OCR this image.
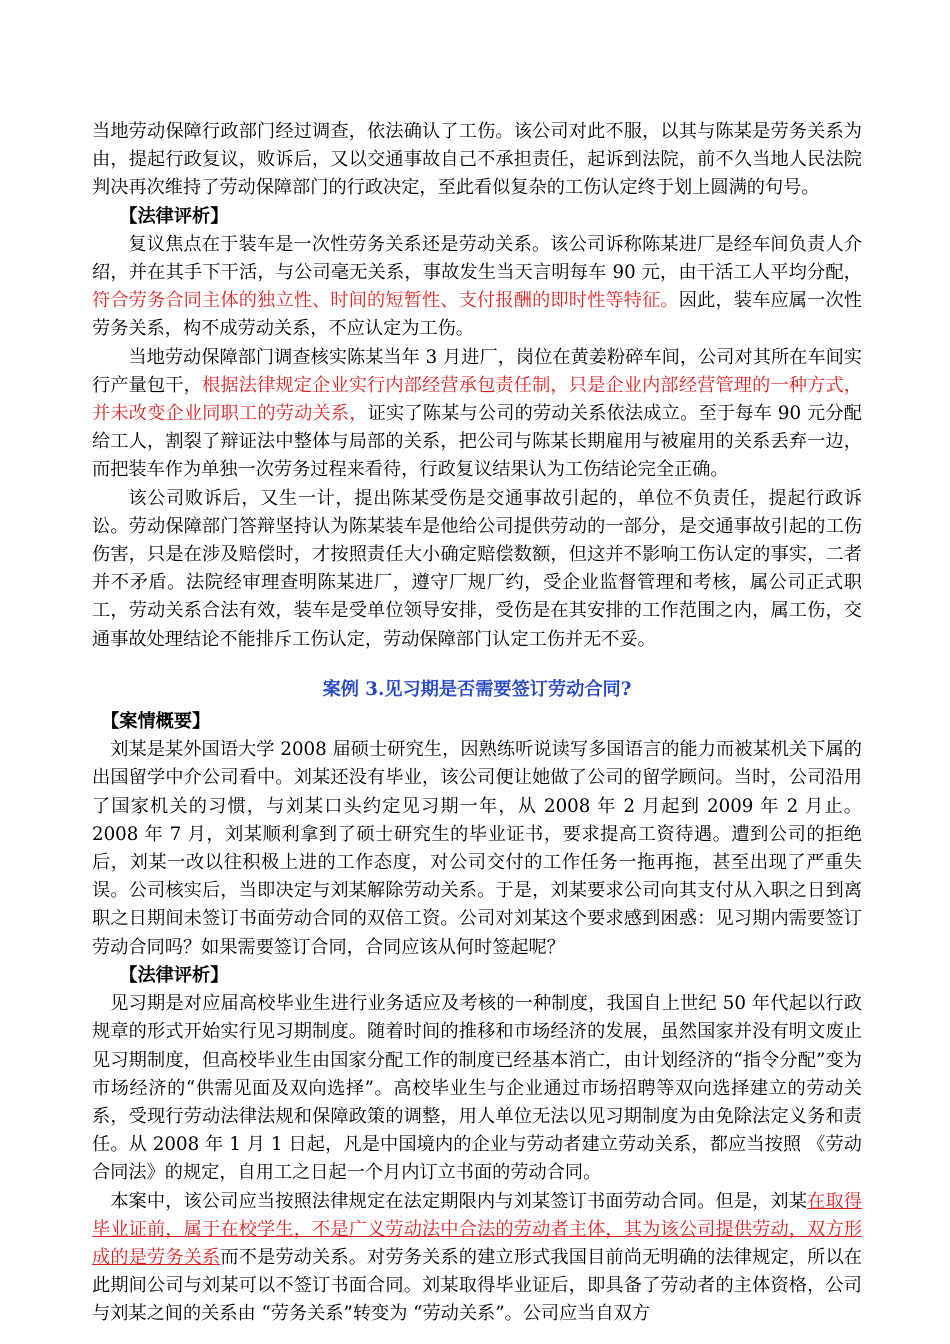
当地劳动保障行政部门经过调查，依法确认了工伤。该公司对此不服，以其与陈某是劳务关系为由，提起行政复议，败诉后，又以交通事故自己不承担责任，起诉到法院，前不久当地人民法院判决再次维持了劳动保障部门的行政决定，至此看似复杂的工伤认定终于划上圆满的句号。

【法律评析】

复议焦点在于装车是一次性劳务关系还是劳动关系。该公司诉称陈某进厂是经车间负责人介绍，并在其手下干活，与公司毫无关系，事故发生当天言明每车 90 元，由干活工人平均分配，符合劳务合同主体的独立性、时间的短暂性、支付报酬的即时性等特征。因此，装车应属一次性劳务关系，构不成劳动关系，不应认定为工伤。

当地劳动保障部门调查核实陈某当年 3 月进厂，岗位在黄姜粉碎车间，公司对其所在车间实行产量包干，根据法律规定企业实行内部经营承包责任制，只是企业内部经营管理的一种方式，并未改变企业同职工的劳动关系，证实了陈某与公司的劳动关系依法成立。至于每车 90 元分配给工人，割裂了辩证法中整体与局部的关系，把公司与陈某长期雇用与被雇用的关系丢弃一边，而把装车作为单独一次劳务过程来看待，行政复议结果认为工伤结论完全正确。

该公司败诉后，又生一计，提出陈某受伤是交通事故引起的，单位不负责任，提起行政诉讼。劳动保障部门答辩坚持认为陈某装车是他给公司提供劳动的一部分，是交通事故引起的工伤伤害，只是在涉及赔偿时，才按照责任大小确定赔偿数额，但这并不影响工伤认定的事实，二者并不矛盾。法院经审理查明陈某进厂，遵守厂规厂约，受企业监督管理和考核，属公司正式职工，劳动关系合法有效，装车是受单位领导安排，受伤是在其安排的工作范围之内，属工伤，交通事故处理结论不能排斥工伤认定，劳动保障部门认定工伤并无不妥。

案例 3.见习期是否需要签订劳动合同?

【案情概要】

刘某是某外国语大学 2008 届硕士研究生，因熟练听说读写多国语言的能力而被某机关下属的出国留学中介公司看中。刘某还没有毕业，该公司便让她做了公司的留学顾问。当时，公司沿用了国家机关的习惯，与刘某口头约定见习期一年，从 2008 年 2 月起到 2009 年 2 月止。2008 年 7 月，刘某顺利拿到了硕士研究生的毕业证书，要求提高工资待遇。遭到公司的拒绝后，刘某一改以往积极上进的工作态度，对公司交付的工作任务一拖再拖，甚至出现了严重失误。公司核实后，当即决定与刘某解除劳动关系。于是，刘某要求公司向其支付从入职之日到离职之日期间未签订书面劳动合同的双倍工资。公司对刘某这个要求感到困惑：见习期内需要签订劳动合同吗？如果需要签订合同，合同应该从何时签起呢？

【法律评析】

见习期是对应届高校毕业生进行业务适应及考核的一种制度，我国自上世纪 50 年代起以行政规章的形式开始实行见习期制度。随着时间的推移和市场经济的发展，虽然国家并没有明文废止见习期制度，但高校毕业生由国家分配工作的制度已经基本消亡，由计划经济的“指令分配”变为市场经济的“供需见面及双向选择”。高校毕业生与企业通过市场招聘等双向选择建立的劳动关系，受现行劳动法律法规和保障政策的调整，用人单位无法以见习期制度为由免除法定义务和责任。从 2008 年 1 月 1 日起，凡是中国境内的企业与劳动者建立劳动关系，都应当按照 《劳动合同法》的规定，自用工之日起一个月内订立书面的劳动合同。

本案中，该公司应当按照法律规定在法定期限内与刘某签订书面劳动合同。但是，刘某在取得毕业证前，属于在校学生，不是广义劳动法中合法的劳动者主体，其为该公司提供劳动，双方形成的是劳务关系而不是劳动关系。对劳务关系的建立形式我国目前尚无明确的法律规定，所以在此期间公司与刘某可以不签订书面合同。刘某取得毕业证后，即具备了劳动者的主体资格，公司与刘某之间的关系由 “劳务关系”转变为 “劳动关系”。公司应当自双方
